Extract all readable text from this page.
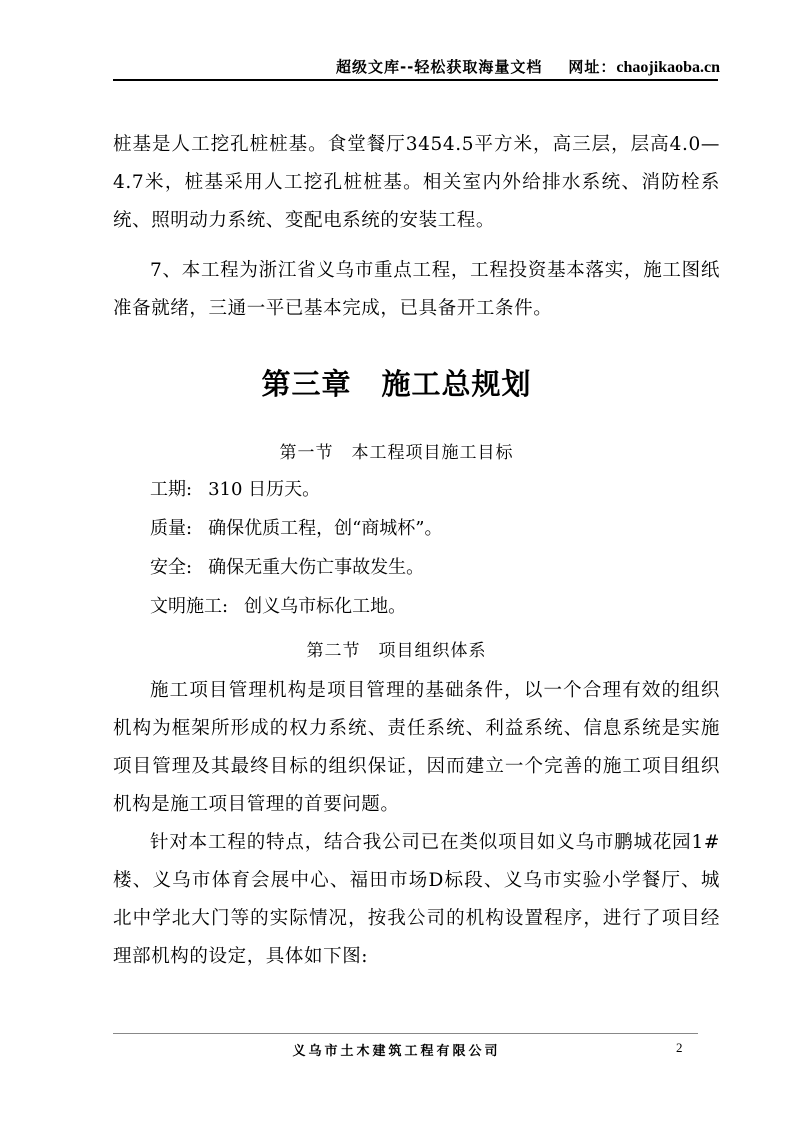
超级文库--轻松获取海量文档 网址：chaojikaoba.cn
桩基是人工挖孔桩桩基。食堂餐厅3454.5平方米，高三层，层高4.0—4.7米，桩基采用人工挖孔桩桩基。相关室内外给排水系统、消防栓系统、照明动力系统、变配电系统的安装工程。
7、本工程为浙江省义乌市重点工程，工程投资基本落实，施工图纸准备就绪，三通一平已基本完成，已具备开工条件。
第三章　施工总规划
第一节　本工程项目施工目标
工期: 310 日历天。
质量: 确保优质工程，创“商城杯”。
安全: 确保无重大伤亡事故发生。
文明施工: 创义乌市标化工地。
第二节　项目组织体系
施工项目管理机构是项目管理的基础条件，以一个合理有效的组织机构为框架所形成的权力系统、责任系统、利益系统、信息系统是实施项目管理及其最终目标的组织保证，因而建立一个完善的施工项目组织机构是施工项目管理的首要问题。
针对本工程的特点，结合我公司已在类似项目如义乌市鹏城花园1#楼、义乌市体育会展中心、福田市场D标段、义乌市实验小学餐厅、城北中学北大门等的实际情况，按我公司的机构设置程序，进行了项目经理部机构的设定，具体如下图:
义乌市土木建筑工程有限公司	2
